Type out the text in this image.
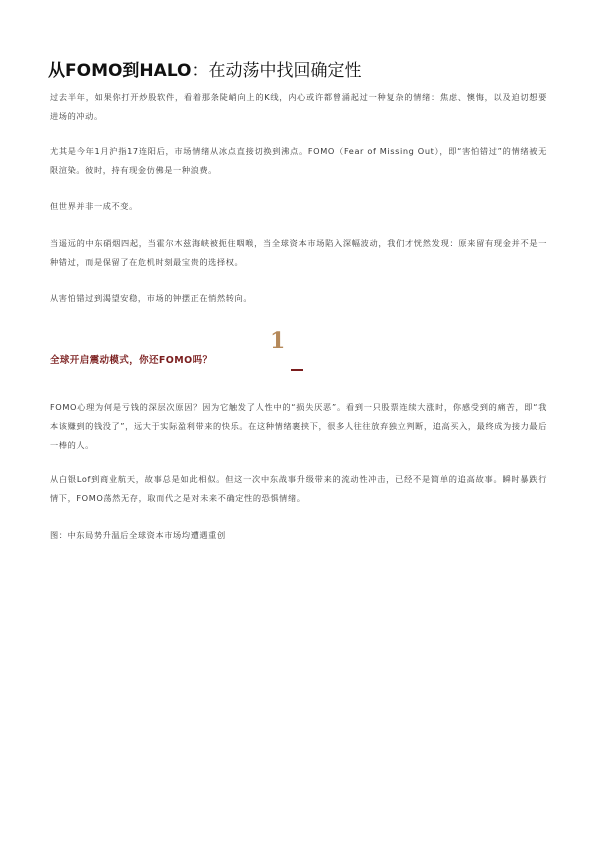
从FOMO到HALO：在动荡中找回确定性
过去半年，如果你打开炒股软件，看着那条陡峭向上的K线，内心或许都曾涌起过一种复杂的情绪：焦虑、懊悔，以及迫切想要进场的冲动。
尤其是今年1月沪指17连阳后，市场情绪从冰点直接切换到沸点。FOMO（Fear of Missing Out），即“害怕错过”的情绪被无限渲染。彼时，持有现金仿佛是一种浪费。
但世界并非一成不变。
当遥远的中东硝烟四起，当霍尔木兹海峡被扼住咽喉，当全球资本市场陷入深幅波动，我们才恍然发现：原来留有现金并不是一种错过，而是保留了在危机时刻最宝贵的选择权。
从害怕错过到渴望安稳，市场的钟摆正在悄然转向。
1
全球开启震动模式，你还FOMO吗？
FOMO心理为何是亏钱的深层次原因？因为它触发了人性中的“损失厌恶”。看到一只股票连续大涨时，你感受到的痛苦，即“我本该赚到的钱没了”，远大于实际盈利带来的快乐。在这种情绪裹挟下，很多人往往放弃独立判断，追高买入，最终成为接力最后一棒的人。
从白银Lof到商业航天，故事总是如此相似。但这一次中东战事升级带来的流动性冲击，已经不是简单的追高故事。瞬时暴跌行情下，FOMO荡然无存，取而代之是对未来不确定性的恐惧情绪。
图：中东局势升温后全球资本市场均遭遇重创
